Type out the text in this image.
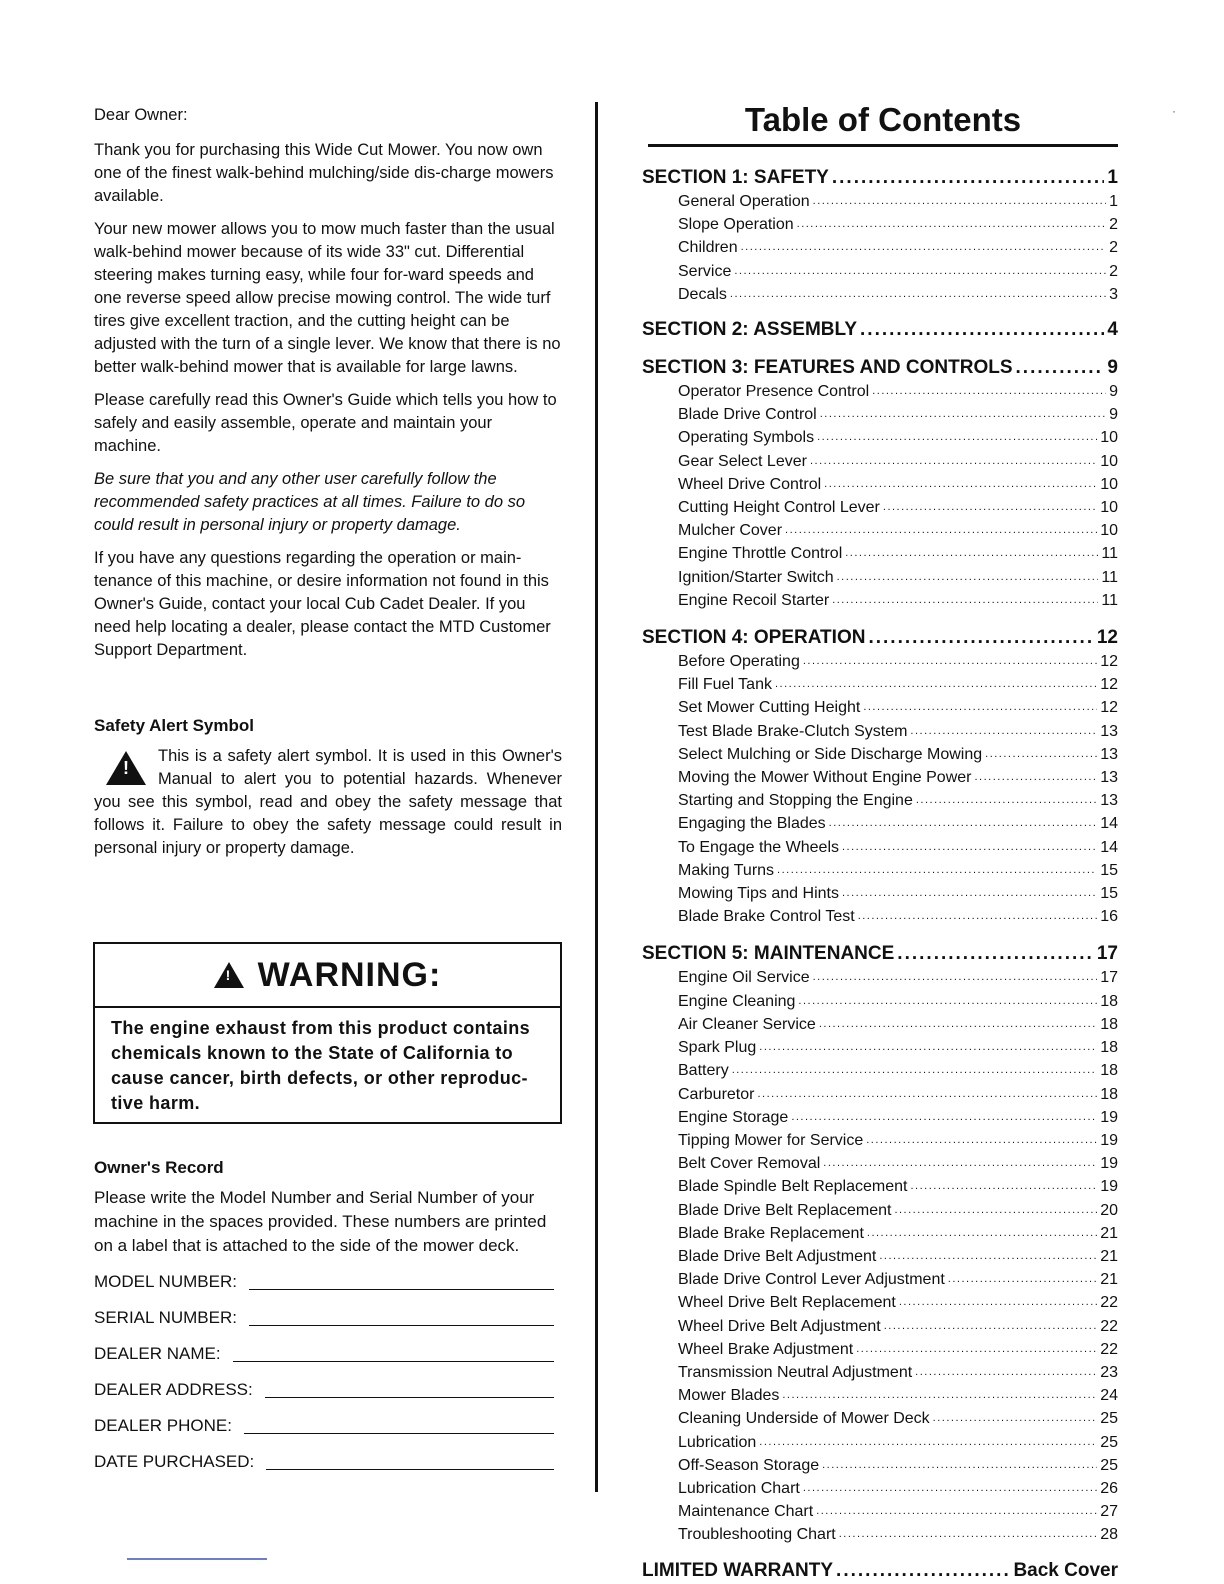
Dear Owner:

Thank you for purchasing this Wide Cut Mower. You now own one of the finest walk-behind mulching/side dis-charge mowers available.

Your new mower allows you to mow much faster than the usual walk-behind mower because of its wide 33" cut. Differential steering makes turning easy, while four for-ward speeds and one reverse speed allow precise mowing control. The wide turf tires give excellent traction, and the cutting height can be adjusted with the turn of a single lever. We know that there is no better walk-behind mower that is available for large lawns.

Please carefully read this Owner's Guide which tells you how to safely and easily assemble, operate and maintain your machine.

Be sure that you and any other user carefully follow the recommended safety practices at all times. Failure to do so could result in personal injury or property damage.

If you have any questions regarding the operation or main-tenance of this machine, or desire information not found in this Owner's Guide, contact your local Cub Cadet Dealer. If you need help locating a dealer, please contact the MTD Customer Support Department.

Safety Alert Symbol
!
This is a safety alert symbol. It is used in this Owner's Manual to alert you to potential hazards. Whenever you see this symbol, read and obey the safety message that follows it. Failure to obey the safety message could result in personal injury or property damage.
! WARNING:
The engine exhaust from this product contains chemicals known to the State of California to cause cancer, birth defects, or other reproduc-tive harm.
Owner's Record
Please write the Model Number and Serial Number of your machine in the spaces provided. These numbers are printed on a label that is attached to the side of the mower deck.
MODEL NUMBER:
SERIAL NUMBER:
DEALER NAME:
DEALER ADDRESS:
DEALER PHONE:
DATE PURCHASED:
Table of Contents
SECTION 1: SAFETY .....	1
General Operation .....	1
Slope Operation .....	2
Children .....	2
Service .....	2
Decals .....	3
SECTION 2: ASSEMBLY .....	4
SECTION 3: FEATURES AND CONTROLS .....	9
Operator Presence Control .....	9
Blade Drive Control .....	9
Operating Symbols .....	10
Gear Select Lever .....	10
Wheel Drive Control .....	10
Cutting Height Control Lever .....	10
Mulcher Cover .....	10
Engine Throttle Control .....	11
Ignition/Starter Switch .....	11
Engine Recoil Starter .....	11
SECTION 4: OPERATION .....	12
Before Operating .....	12
Fill Fuel Tank .....	12
Set Mower Cutting Height .....	12
Test Blade Brake-Clutch System .....	13
Select Mulching or Side Discharge Mowing .....	13
Moving the Mower Without Engine Power .....	13
Starting and Stopping the Engine .....	13
Engaging the Blades .....	14
To Engage the Wheels .....	14
Making Turns .....	15
Mowing Tips and Hints .....	15
Blade Brake Control Test .....	16
SECTION 5: MAINTENANCE .....	17
Engine Oil Service .....	17
Engine Cleaning .....	18
Air Cleaner Service .....	18
Spark Plug .....	18
Battery .....	18
Carburetor .....	18
Engine Storage .....	19
Tipping Mower for Service .....	19
Belt Cover Removal .....	19
Blade Spindle Belt Replacement .....	19
Blade Drive Belt Replacement .....	20
Blade Brake Replacement .....	21
Blade Drive Belt Adjustment .....	21
Blade Drive Control Lever Adjustment .....	21
Wheel Drive Belt Replacement .....	22
Wheel Drive Belt Adjustment .....	22
Wheel Brake Adjustment .....	22
Transmission Neutral Adjustment .....	23
Mower Blades .....	24
Cleaning Underside of Mower Deck .....	25
Lubrication .....	25
Off-Season Storage .....	25
Lubrication Chart .....	26
Maintenance Chart .....	27
Troubleshooting Chart .....	28
LIMITED WARRANTY .....	Back Cover
·
